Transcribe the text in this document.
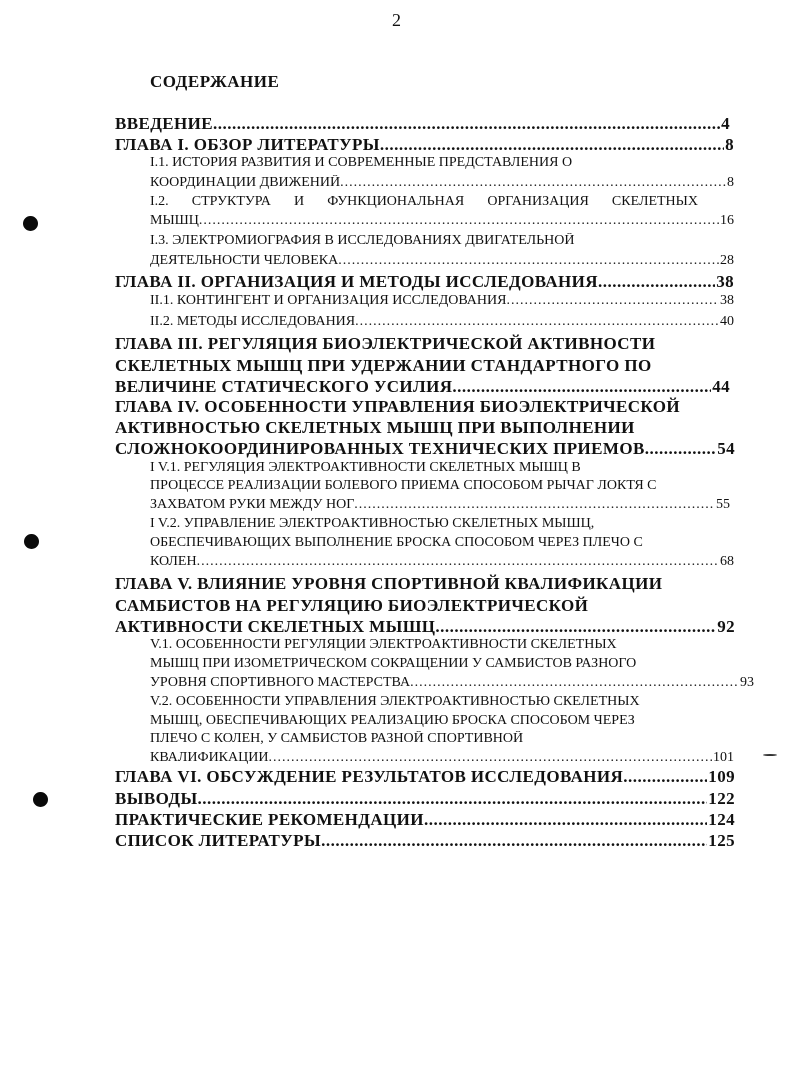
2
СОДЕРЖАНИЕ
ВВЕДЕНИЕ .....	4
ГЛАВА I. ОБЗОР ЛИТЕРАТУРЫ .....	8
I.1. ИСТОРИЯ РАЗВИТИЯ И СОВРЕМЕННЫЕ ПРЕДСТАВЛЕНИЯ О
КООРДИНАЦИИ ДВИЖЕНИЙ .....	8
I.2. СТРУКТУРА И ФУНКЦИОНАЛЬНАЯ ОРГАНИЗАЦИЯ СКЕЛЕТНЫХ
МЫШЦ .....	16
I.3. ЭЛЕКТРОМИОГРАФИЯ В ИССЛЕДОВАНИЯХ ДВИГАТЕЛЬНОЙ
ДЕЯТЕЛЬНОСТИ ЧЕЛОВЕКА .....	28
ГЛАВА II. ОРГАНИЗАЦИЯ И МЕТОДЫ ИССЛЕДОВАНИЯ .....	38
II.1. КОНТИНГЕНТ И ОРГАНИЗАЦИЯ ИССЛЕДОВАНИЯ .....	38
II.2. МЕТОДЫ ИССЛЕДОВАНИЯ .....	40
ГЛАВА III. РЕГУЛЯЦИЯ БИОЭЛЕКТРИЧЕСКОЙ АКТИВНОСТИ
СКЕЛЕТНЫХ МЫШЦ ПРИ УДЕРЖАНИИ СТАНДАРТНОГО ПО
ВЕЛИЧИНЕ СТАТИЧЕСКОГО УСИЛИЯ .....	44
ГЛАВА IV. ОСОБЕННОСТИ УПРАВЛЕНИЯ БИОЭЛЕКТРИЧЕСКОЙ
АКТИВНОСТЬЮ СКЕЛЕТНЫХ МЫШЦ ПРИ ВЫПОЛНЕНИИ
СЛОЖНОКООРДИНИРОВАННЫХ ТЕХНИЧЕСКИХ ПРИЕМОВ .....	54
I V.1. РЕГУЛЯЦИЯ ЭЛЕКТРОАКТИВНОСТИ СКЕЛЕТНЫХ МЫШЦ В
ПРОЦЕССЕ РЕАЛИЗАЦИИ БОЛЕВОГО ПРИЕМА СПОСОБОМ РЫЧАГ ЛОКТЯ С
ЗАХВАТОМ РУКИ МЕЖДУ НОГ .....	55
I V.2. УПРАВЛЕНИЕ ЭЛЕКТРОАКТИВНОСТЬЮ СКЕЛЕТНЫХ МЫШЦ,
ОБЕСПЕЧИВАЮЩИХ ВЫПОЛНЕНИЕ БРОСКА СПОСОБОМ ЧЕРЕЗ ПЛЕЧО С
КОЛЕН .....	68
ГЛАВА V. ВЛИЯНИЕ УРОВНЯ СПОРТИВНОЙ КВАЛИФИКАЦИИ
САМБИСТОВ НА РЕГУЛЯЦИЮ БИОЭЛЕКТРИЧЕСКОЙ
АКТИВНОСТИ СКЕЛЕТНЫХ МЫШЦ .....	92
V.1. ОСОБЕННОСТИ РЕГУЛЯЦИИ ЭЛЕКТРОАКТИВНОСТИ СКЕЛЕТНЫХ
МЫШЦ ПРИ ИЗОМЕТРИЧЕСКОМ СОКРАЩЕНИИ У САМБИСТОВ РАЗНОГО
УРОВНЯ СПОРТИВНОГО МАСТЕРСТВА .....	93
V.2. ОСОБЕННОСТИ УПРАВЛЕНИЯ ЭЛЕКТРОАКТИВНОСТЬЮ СКЕЛЕТНЫХ
МЫШЦ, ОБЕСПЕЧИВАЮЩИХ РЕАЛИЗАЦИЮ БРОСКА СПОСОБОМ ЧЕРЕЗ
ПЛЕЧО С КОЛЕН, У САМБИСТОВ РАЗНОЙ СПОРТИВНОЙ
КВАЛИФИКАЦИИ .....	101
ГЛАВА VI. ОБСУЖДЕНИЕ РЕЗУЛЬТАТОВ ИССЛЕДОВАНИЯ .....	109
ВЫВОДЫ .....	122
ПРАКТИЧЕСКИЕ РЕКОМЕНДАЦИИ .....	124
СПИСОК ЛИТЕРАТУРЫ .....	125
